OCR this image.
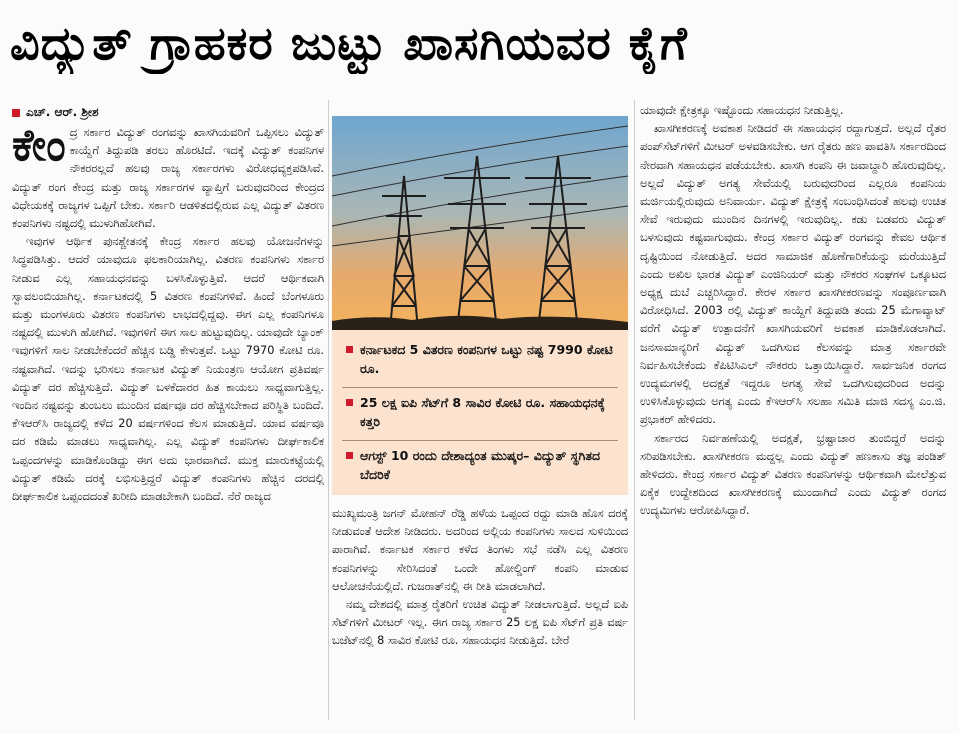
ವಿದ್ಯುತ್ ಗ್ರಾಹಕರ ಜುಟ್ಟು ಖಾಸಗಿಯವರ ಕೈಗೆ
ಎಚ್. ಆರ್. ಶ್ರೀಶ
ಕೇಂ ದ್ರ ಸರ್ಕಾರ ವಿದ್ಯುತ್ ರಂಗವನ್ನು ಖಾಸಗಿಯವರಿಗೆ ಒಪ್ಪಿಸಲು ವಿದ್ಯುತ್ ಕಾಯ್ದೆಗೆ ತಿದ್ದುಪಡಿ ತರಲು ಹೊರಟಿದೆ. ಇದಕ್ಕೆ ವಿದ್ಯುತ್ ಕಂಪನಿಗಳ ನೌಕರರಲ್ಲದೆ ಹಲವು ರಾಜ್ಯ ಸರ್ಕಾರಗಳು ವಿರೋಧವ್ಯಕ್ತಪಡಿಸಿವೆ. ವಿದ್ಯುತ್ ರಂಗ ಕೇಂದ್ರ ಮತ್ತು ರಾಜ್ಯ ಸರ್ಕಾರಗಳ ವ್ಯಾಪ್ತಿಗೆ ಬರುವುದರಿಂದ ಕೇಂದ್ರದ ವಿಧೇಯಕಕ್ಕೆ ರಾಜ್ಯಗಳ ಒಪ್ಪಿಗೆ ಬೇಕು. ಸರ್ಕಾರಿ ಆಡಳಿತದಲ್ಲಿರುವ ಎಲ್ಲ ವಿದ್ಯುತ್ ವಿತರಣ ಕಂಪನಿಗಳು ನಷ್ಟದಲ್ಲಿ ಮುಳುಗಿಹೋಗಿವೆ.

ಇವುಗಳ ಆರ್ಥಿಕ ಪುನಶ್ಚೇತನಕ್ಕೆ ಕೇಂದ್ರ ಸರ್ಕಾರ ಹಲವು ಯೋಜನೆಗಳನ್ನು ಸಿದ್ಧಪಡಿಸಿತ್ತು. ಆದರೆ ಯಾವುದೂ ಫಲಕಾರಿಯಾಗಿಲ್ಲ. ವಿತರಣ ಕಂಪನಿಗಳು ಸರ್ಕಾರ ನೀಡುವ ಎಲ್ಲ ಸಹಾಯಧನವನ್ನು ಬಳಸಿಕೊಳ್ಳುತ್ತಿವೆ. ಆದರೆ ಆರ್ಥಿಕವಾಗಿ ಸ್ವಾವಲಂಬಿಯಾಗಿಲ್ಲ. ಕರ್ನಾಟಕದಲ್ಲಿ 5 ವಿತರಣ ಕಂಪನಿಗಳಿವೆ. ಹಿಂದೆ ಬೆಂಗಳೂರು ಮತ್ತು ಮಂಗಳೂರು ವಿತರಣ ಕಂಪನಿಗಳು ಲಾಭದಲ್ಲಿದ್ದವು. ಈಗ ಎಲ್ಲ ಕಂಪನಿಗಳೂ ನಷ್ಟದಲ್ಲಿ ಮುಳುಗಿ ಹೋಗಿವೆ. ಇವುಗಳಿಗೆ ಈಗ ಸಾಲ ಹುಟ್ಟುವುದಿಲ್ಲ. ಯಾವುದೇ ಬ್ಯಾಂಕ್ ಇವುಗಳಿಗೆ ಸಾಲ ನೀಡಬೇಕೆಂದರೆ ಹೆಚ್ಚಿನ ಬಡ್ಡಿ ಕೇಳುತ್ತವೆ. ಒಟ್ಟು 7970 ಕೋಟಿ ರೂ. ನಷ್ಟವಾಗಿದೆ. ಇದನ್ನು ಭರಿಸಲು ಕರ್ನಾಟಕ ವಿದ್ಯುತ್ ನಿಯಂತ್ರಣ ಆಯೋಗ ಪ್ರತಿವರ್ಷ ವಿದ್ಯುತ್ ದರ ಹೆಚ್ಚಿಸುತ್ತಿದೆ. ವಿದ್ಯುತ್ ಬಳಕೆದಾರರ ಹಿತ ಕಾಯಲು ಸಾಧ್ಯವಾಗುತ್ತಿಲ್ಲ. ಇಂದಿನ ನಷ್ಟವನ್ನು ತುಂಬಲು ಮುಂದಿನ ವರ್ಷವೂ ದರ ಹೆಚ್ಚಿಸಬೇಕಾದ ಪರಿಸ್ಥಿತಿ ಬಂದಿದೆ. ಕೆಇಆರ್‌ಸಿ ರಾಜ್ಯದಲ್ಲಿ ಕಳೆದ 20 ವರ್ಷಗಳಿಂದ ಕೆಲಸ ಮಾಡುತ್ತಿದೆ. ಯಾವ ವರ್ಷವೂ ದರ ಕಡಿಮೆ ಮಾಡಲು ಸಾಧ್ಯವಾಗಿಲ್ಲ. ಎಲ್ಲ ವಿದ್ಯುತ್ ಕಂಪನಿಗಳು ದೀರ್ಘಕಾಲಿಕ ಒಪ್ಪಂದಗಳನ್ನು ಮಾಡಿಕೊಂಡಿದ್ದು ಈಗ ಅದು ಭಾರವಾಗಿದೆ. ಮುಕ್ತ ಮಾರುಕಟ್ಟೆಯಲ್ಲಿ ವಿದ್ಯುತ್ ಕಡಿಮೆ ದರಕ್ಕೆ ಲಭಿಸುತ್ತಿದ್ದರೆ ವಿದ್ಯುತ್ ಕಂಪನಿಗಳು ಹೆಚ್ಚಿನ ದರದಲ್ಲಿ ದೀರ್ಘಕಾಲಿಕ ಒಪ್ಪಂದದಂತೆ ಖರೀದಿ ಮಾಡಬೇಕಾಗಿ ಬಂದಿದೆ. ನೆರೆ ರಾಜ್ಯದ

ಕರ್ನಾಟಕದ 5 ವಿತರಣ ಕಂಪನಿಗಳ ಒಟ್ಟು ನಷ್ಟ 7990 ಕೋಟಿ ರೂ.
25 ಲಕ್ಷ ಐಪಿ ಸೆಟ್‌ಗೆ 8 ಸಾವಿರ ಕೋಟಿ ರೂ. ಸಹಾಯಧನಕ್ಕೆ ಕತ್ತರಿ
ಆಗಸ್ಟ್ 10 ರಂದು ದೇಶಾದ್ಯಂತ ಮುಷ್ಕರ– ವಿದ್ಯುತ್ ಸ್ಥಗಿತದ ಬೆದರಿಕೆ

ಮುಖ್ಯಮಂತ್ರಿ ಜಗನ್ ಮೋಹನ್ ರೆಡ್ಡಿ ಹಳೆಯ ಒಪ್ಪಂದ ರದ್ದು ಮಾಡಿ ಹೊಸ ದರಕ್ಕೆ ನೀಡುವಂತೆ ಆದೇಶ ನೀಡಿದರು. ಅದರಿಂದ ಅಲ್ಲಿಯ ಕಂಪನಿಗಳು ಸಾಲದ ಸುಳಿಯಿಂದ ಪಾರಾಗಿವೆ. ಕರ್ನಾಟಕ ಸರ್ಕಾರ ಕಳೆದ ತಿಂಗಳು ಸಭೆ ನಡೆಸಿ ಎಲ್ಲ ವಿತರಣ ಕಂಪನಿಗಳನ್ನು ಸೇರಿಸಿದಂತೆ ಒಂದೇ ಹೋಲ್ಡಿಂಗ್ ಕಂಪನಿ ಮಾಡುವ ಆಲೋಚನೆಯಲ್ಲಿದೆ. ಗುಜರಾತ್‌ನಲ್ಲಿ ಈ ರೀತಿ ಮಾಡಲಾಗಿದೆ.

ನಮ್ಮ ದೇಶದಲ್ಲಿ ಮಾತ್ರ ರೈತರಿಗೆ ಉಚಿತ ವಿದ್ಯುತ್ ನೀಡಲಾಗುತ್ತಿದೆ. ಅಲ್ಲದೆ ಐಪಿ ಸೆಟ್‌ಗಳಿಗೆ ಮೀಟರ್ ಇಲ್ಲ. ಈಗ ರಾಜ್ಯ ಸರ್ಕಾರ 25 ಲಕ್ಷ ಐಪಿ ಸೆಟ್‌ಗೆ ಪ್ರತಿ ವರ್ಷ ಬಜೆಟ್‌ನಲ್ಲಿ 8 ಸಾವಿರ ಕೋಟಿ ರೂ. ಸಹಾಯಧನ ನೀಡುತ್ತಿದೆ. ಬೇರೆ

ಯಾವುದೇ ಕ್ಷೇತ್ರಕ್ಕೂ ಇಷ್ಟೊಂದು ಸಹಾಯಧನ ನೀಡುತ್ತಿಲ್ಲ.

ಖಾಸಗೀಕರಣಕ್ಕೆ ಅವಕಾಶ ನೀಡಿದರೆ ಈ ಸಹಾಯಧನ ರದ್ದಾಗುತ್ತದೆ. ಅಲ್ಲದೆ ರೈತರ ಪಂಪ್‌ಸೆಟ್‌ಗಳಿಗೆ ಮೀಟರ್ ಅಳವಡಿಸಬೇಕು. ಆಗ ರೈತರು ಹಣ ಪಾವತಿಸಿ ಸರ್ಕಾರದಿಂದ ನೇರವಾಗಿ ಸಹಾಯಧನ ಪಡೆಯಬೇಕು. ಖಾಸಗಿ ಕಂಪನಿ ಈ ಜವಾಬ್ದಾರಿ ಹೊರುವುದಿಲ್ಲ. ಅಲ್ಲದೆ ವಿದ್ಯುತ್ ಅಗತ್ಯ ಸೇವೆಯಲ್ಲಿ ಬರುವುದರಿಂದ ಎಲ್ಲರೂ ಕಂಪನಿಯ ಮರ್ಜಿಯಲ್ಲಿರುವುದು ಅನಿವಾರ್ಯ. ವಿದ್ಯುತ್ ಕ್ಷೇತ್ರಕ್ಕೆ ಸಂಬಂಧಿಸಿದಂತೆ ಹಲವು ಉಚಿತ ಸೇವೆ ಇರುವುದು ಮುಂದಿನ ದಿನಗಳಲ್ಲಿ ಇರುವುದಿಲ್ಲ. ಕಡು ಬಡವರು ವಿದ್ಯುತ್ ಬಳಸುವುದು ಕಷ್ಟವಾಗುವುದು. ಕೇಂದ್ರ ಸರ್ಕಾರ ವಿದ್ಯುತ್ ರಂಗವನ್ನು ಕೇವಲ ಆರ್ಥಿಕ ದೃಷ್ಟಿಯಿಂದ ನೋಡುತ್ತಿದೆ. ಅದರ ಸಾಮಾಜಿಕ ಹೊಣೆಗಾರಿಕೆಯನ್ನು ಮರೆಯುತ್ತಿದೆ ಎಂದು ಅಖಿಲ ಭಾರತ ವಿದ್ಯುತ್ ಎಂಜಿನಿಯರ್ ಮತ್ತು ನೌಕರರ ಸಂಘಗಳ ಒಕ್ಕೂಟದ ಅಧ್ಯಕ್ಷ ದುಬೆ ಎಚ್ಚರಿಸಿದ್ದಾರೆ. ಕೇರಳ ಸರ್ಕಾರ ಖಾಸಗೀಕರಣವನ್ನು ಸಂಪೂರ್ಣವಾಗಿ ವಿರೋಧಿಸಿದೆ. 2003 ರಲ್ಲಿ ವಿದ್ಯುತ್ ಕಾಯ್ದೆಗೆ ತಿದ್ದುಪಡಿ ತಂದು 25 ಮೆಗಾವ್ಯಾಟ್ ವರೆಗೆ ವಿದ್ಯುತ್ ಉತ್ಪಾದನೆಗೆ ಖಾಸಗಿಯವರಿಗೆ ಅವಕಾಶ ಮಾಡಿಕೊಡಲಾಗಿದೆ. ಜನಸಾಮಾನ್ಯರಿಗೆ ವಿದ್ಯುತ್ ಒದಗಿಸುವ ಕೆಲಸವನ್ನು ಮಾತ್ರ ಸರ್ಕಾರವೇ ನಿರ್ವಹಿಸಬೇಕೆಂದು ಕೆಪಿಟಿಸಿಎಲ್ ನೌಕರರು ಒತ್ತಾಯಿಸಿದ್ದಾರೆ. ಸಾರ್ವಜನಿಕ ರಂಗದ ಉದ್ಯಮಗಳಲ್ಲಿ ಅದಕ್ಷತೆ ಇದ್ದರೂ ಅಗತ್ಯ ಸೇವೆ ಒದಗಿಸುವುದರಿಂದ ಅದನ್ನು ಉಳಿಸಿಕೊಳ್ಳುವುದು ಅಗತ್ಯ ಎಂದು ಕೆಇಆರ್‌ಸಿ ಸಲಹಾ ಸಮಿತಿ ಮಾಜಿ ಸದಸ್ಯ ಎಂ.ಜಿ. ಪ್ರಭಾಕರ್ ಹೇಳಿದರು.

ಸರ್ಕಾರದ ನಿರ್ವಹಣೆಯಲ್ಲಿ ಅದಕ್ಷತೆ, ಭ್ರಷ್ಟಾಚಾರ ತುಂಬಿದ್ದರೆ ಅದನ್ನು ಸರಿಪಡಿಸಬೇಕು. ಖಾಸಗೀಕರಣ ಮದ್ದಲ್ಲ ಎಂದು ವಿದ್ಯುತ್ ಹಣಕಾಸು ತಜ್ಞ ಪಂಡಿತ್ ಹೇಳಿದರು. ಕೇಂದ್ರ ಸರ್ಕಾರ ವಿದ್ಯುತ್ ವಿತರಣ ಕಂಪನಿಗಳನ್ನು ಆರ್ಥಿಕವಾಗಿ ಮೇಲೆತ್ತುವ ಏಕೈಕ ಉದ್ದೇಶದಿಂದ ಖಾಸಗೀಕರಣಕ್ಕೆ ಮುಂದಾಗಿದೆ ಎಂದು ವಿದ್ಯುತ್ ರಂಗದ ಉದ್ಯಮಿಗಳು ಆರೋಪಿಸಿದ್ದಾರೆ.
